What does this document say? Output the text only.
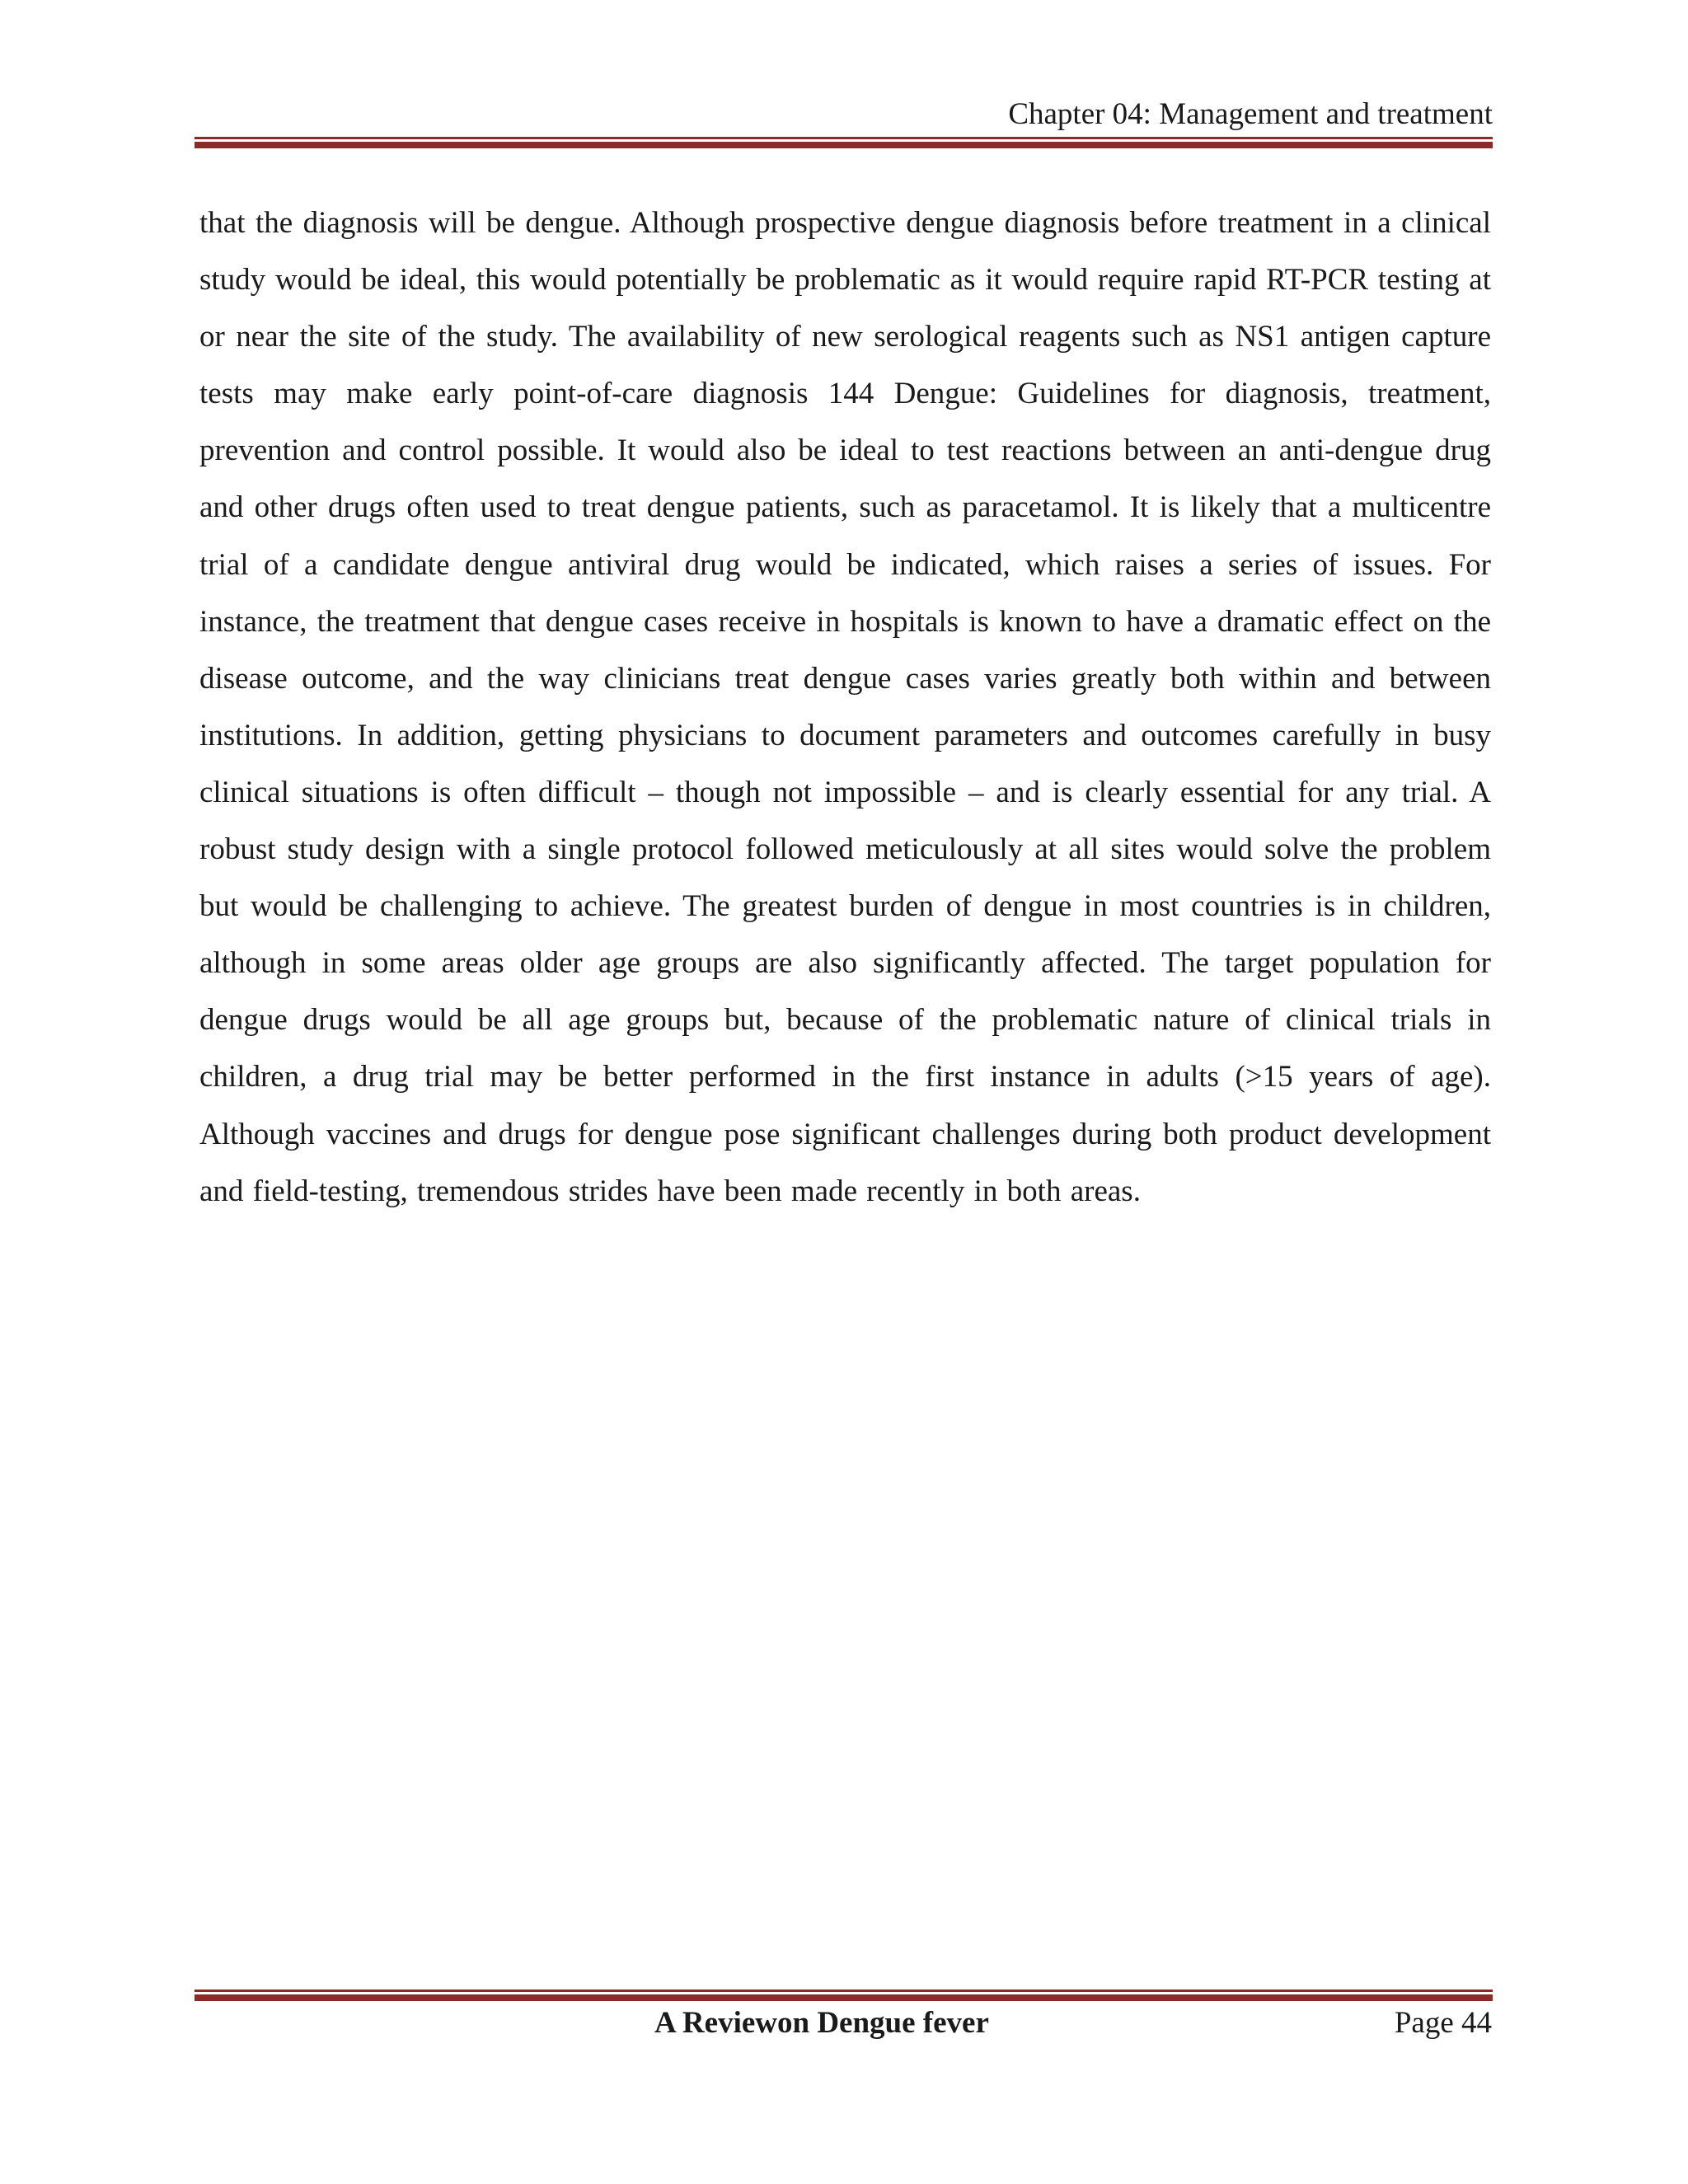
Chapter 04: Management and treatment

that the diagnosis will be dengue. Although prospective dengue diagnosis before treatment in a clinical study would be ideal, this would potentially be problematic as it would require rapid RT-PCR testing at or near the site of the study. The availability of new serological reagents such as NS1 antigen capture tests may make early point-of-care diagnosis 144 Dengue: Guidelines for diagnosis, treatment, prevention and control possible. It would also be ideal to test reactions between an anti-dengue drug and other drugs often used to treat dengue patients, such as paracetamol. It is likely that a multicentre trial of a candidate dengue antiviral drug would be indicated, which raises a series of issues. For instance, the treatment that dengue cases receive in hospitals is known to have a dramatic effect on the disease outcome, and the way clinicians treat dengue cases varies greatly both within and between institutions. In addition, getting physicians to document parameters and outcomes carefully in busy clinical situations is often difficult – though not impossible – and is clearly essential for any trial. A robust study design with a single protocol followed meticulously at all sites would solve the problem but would be challenging to achieve. The greatest burden of dengue in most countries is in children, although in some areas older age groups are also significantly affected. The target population for dengue drugs would be all age groups but, because of the problematic nature of clinical trials in children, a drug trial may be better performed in the first instance in adults (>15 years of age). Although vaccines and drugs for dengue pose significant challenges during both product development and field-testing, tremendous strides have been made recently in both areas.

A Reviewon Dengue fever	Page 44
